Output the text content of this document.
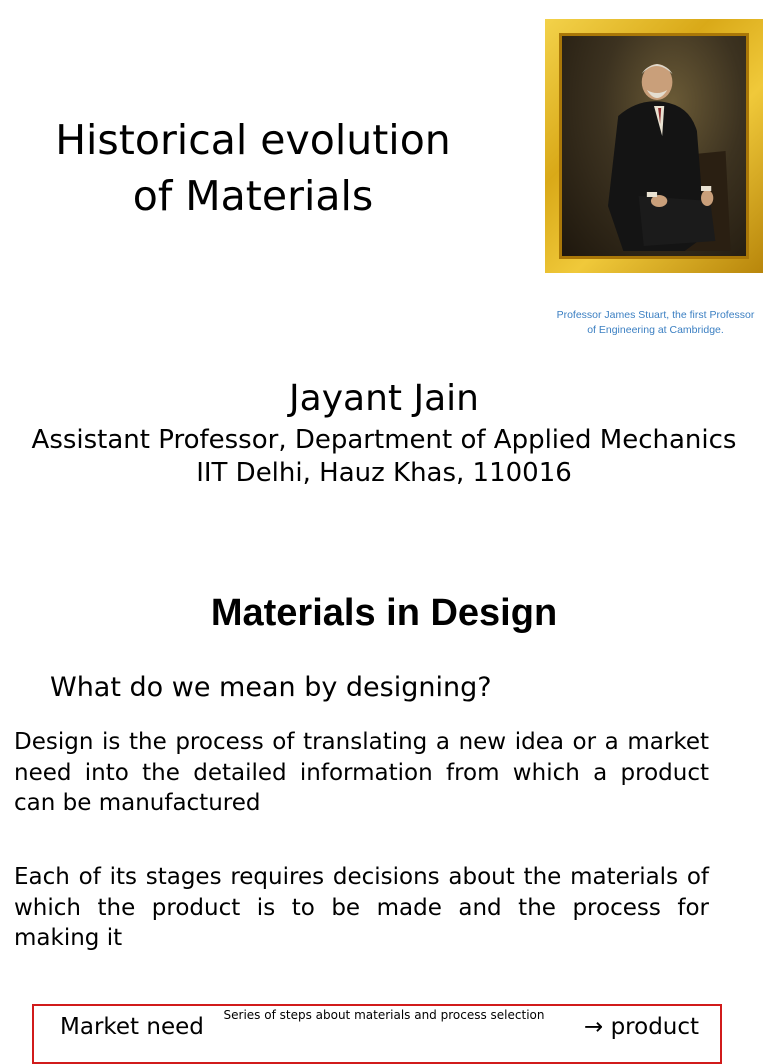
Historical evolution
of Materials
Professor James Stuart, the first Professor
of Engineering at Cambridge.
Jayant Jain
Assistant Professor, Department of Applied Mechanics
IIT Delhi, Hauz Khas, 110016
Materials in Design
What do we mean by designing?
Design is the process of translating a new idea or a market need into the detailed information from which a product can be manufactured
Each of its stages requires decisions about the materials of which the product is to be made and the process for making it
Series of steps about materials and process selection
Market need	→ product
